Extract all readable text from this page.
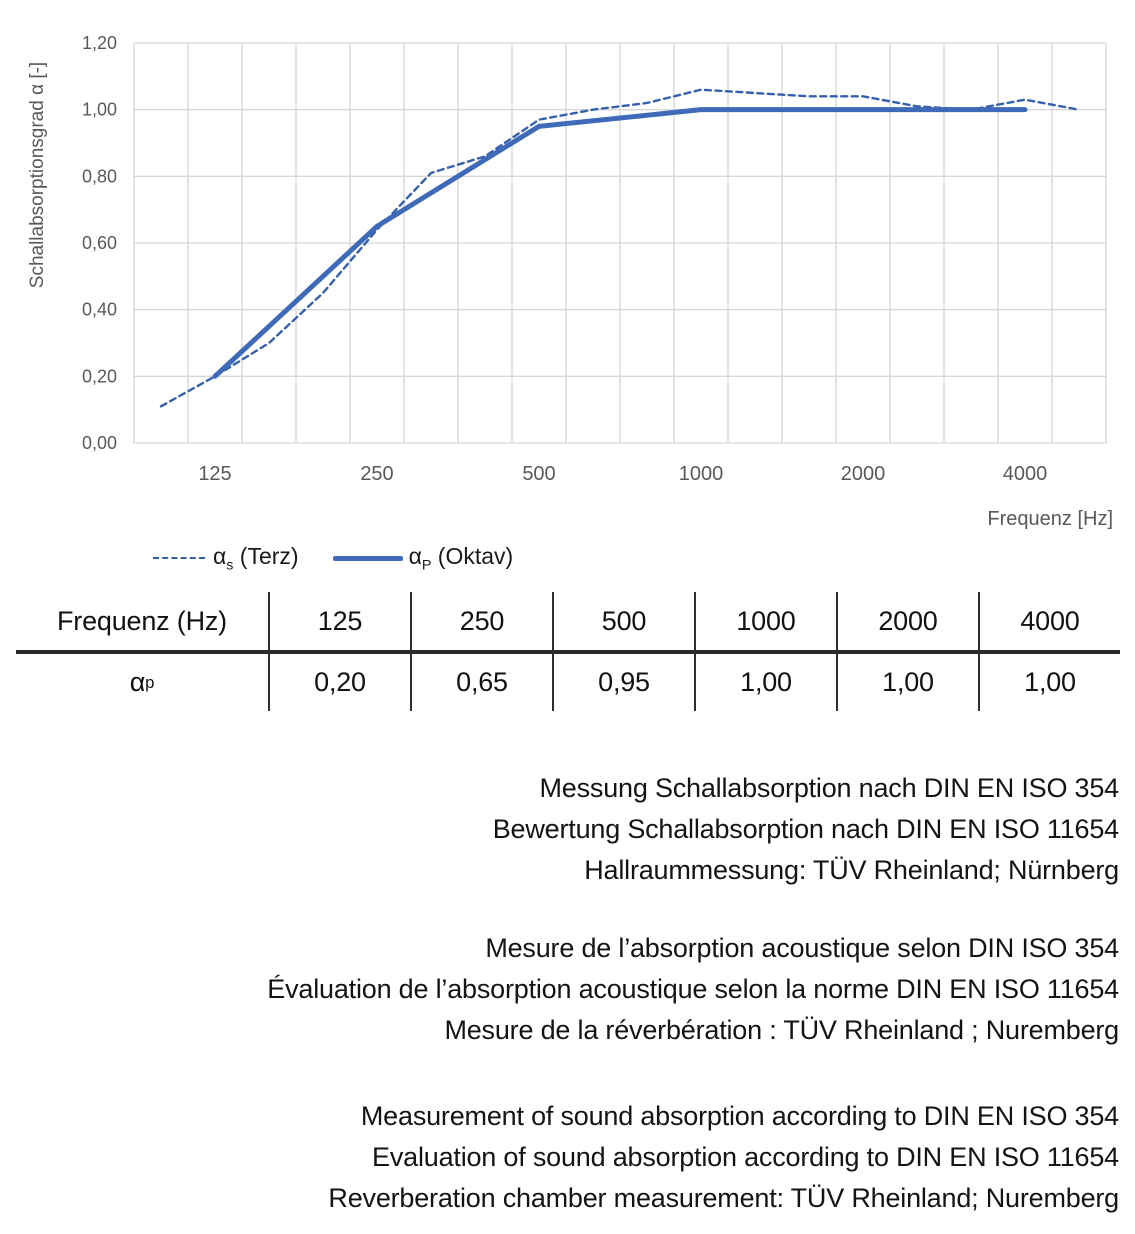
Schallabsorptionsgrad α [-]
0,00
0,20
0,40
0,60
0,80
1,00
1,20
125	250	500	1000	2000	4000
Frequenz [Hz]
$\alpha_s$ (Terz)	$\alpha_P$ (Oktav)
Frequenz (Hz)	125	250	500	1000	2000	4000
α p	0,20	0,65	0,95	1,00	1,00	1,00
Messung Schallabsorption nach DIN EN ISO 354
Bewertung Schallabsorption nach DIN EN ISO 11654
Hallraummessung: TÜV Rheinland; Nürnberg
Mesure de l’absorption acoustique selon DIN ISO 354
Évaluation de l’absorption acoustique selon la norme DIN EN ISO 11654
Mesure de la réverbération : TÜV Rheinland ; Nuremberg
Measurement of sound absorption according to DIN EN ISO 354
Evaluation of sound absorption according to DIN EN ISO 11654
Reverberation chamber measurement: TÜV Rheinland; Nuremberg
